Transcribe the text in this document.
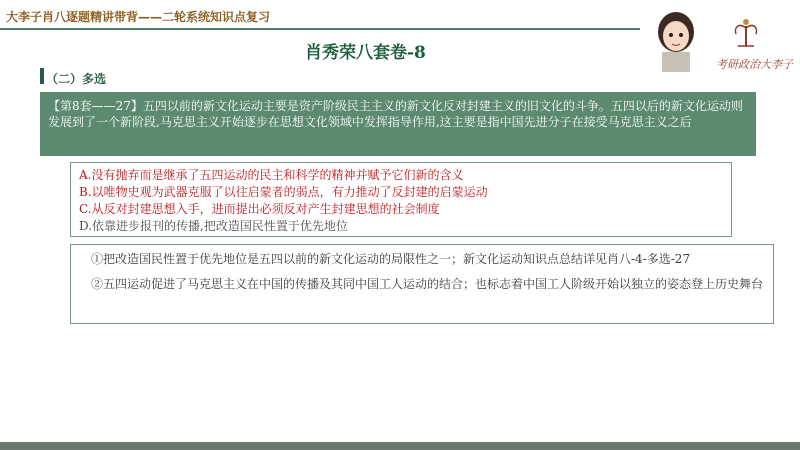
大李子肖八逐题精讲带背——二轮系统知识点复习
肖秀荣八套卷-8
考研政治大李子
（二）多选
【第8套——27】五四以前的新文化运动主要是资产阶级民主主义的新文化反对封建主义的旧文化的斗争。五四以后的新文化运动则发展到了一个新阶段,马克思主义开始逐步在思想文化领域中发挥指导作用,这主要是指中国先进分子在接受马克思主义之后
A.没有抛弃而是继承了五四运动的民主和科学的精神并赋予它们新的含义
B.以唯物史观为武器克服了以往启蒙者的弱点，有力推动了反封建的启蒙运动
C.从反对封建思想入手，进而提出必须反对产生封建思想的社会制度
D.依靠进步报刊的传播,把改造国民性置于优先地位

①把改造国民性置于优先地位是五四以前的新文化运动的局限性之一；新文化运动知识点总结详见肖八-4-多选-27

②五四运动促进了马克思主义在中国的传播及其同中国工人运动的结合；也标志着中国工人阶级开始以独立的姿态登上历史舞台
